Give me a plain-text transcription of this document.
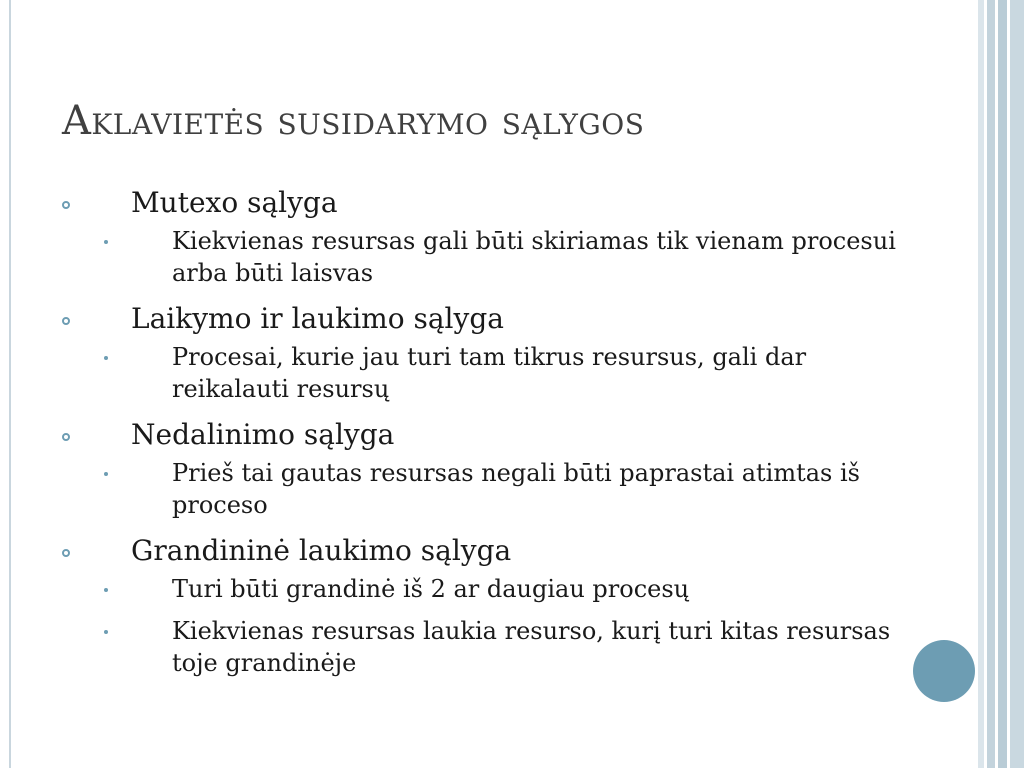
Aklavietės susidarymo sąlygos
Mutexo sąlyga
Kiekvienas resursas gali būti skiriamas tik vienam procesui arba būti laisvas
Laikymo ir laukimo sąlyga
Procesai, kurie jau turi tam tikrus resursus, gali dar reikalauti resursų
Nedalinimo sąlyga
Prieš tai gautas resursas negali būti paprastai atimtas iš proceso
Grandininė laukimo sąlyga
Turi būti grandinė iš 2 ar daugiau procesų
Kiekvienas resursas laukia resurso, kurį turi kitas resursas toje grandinėje
